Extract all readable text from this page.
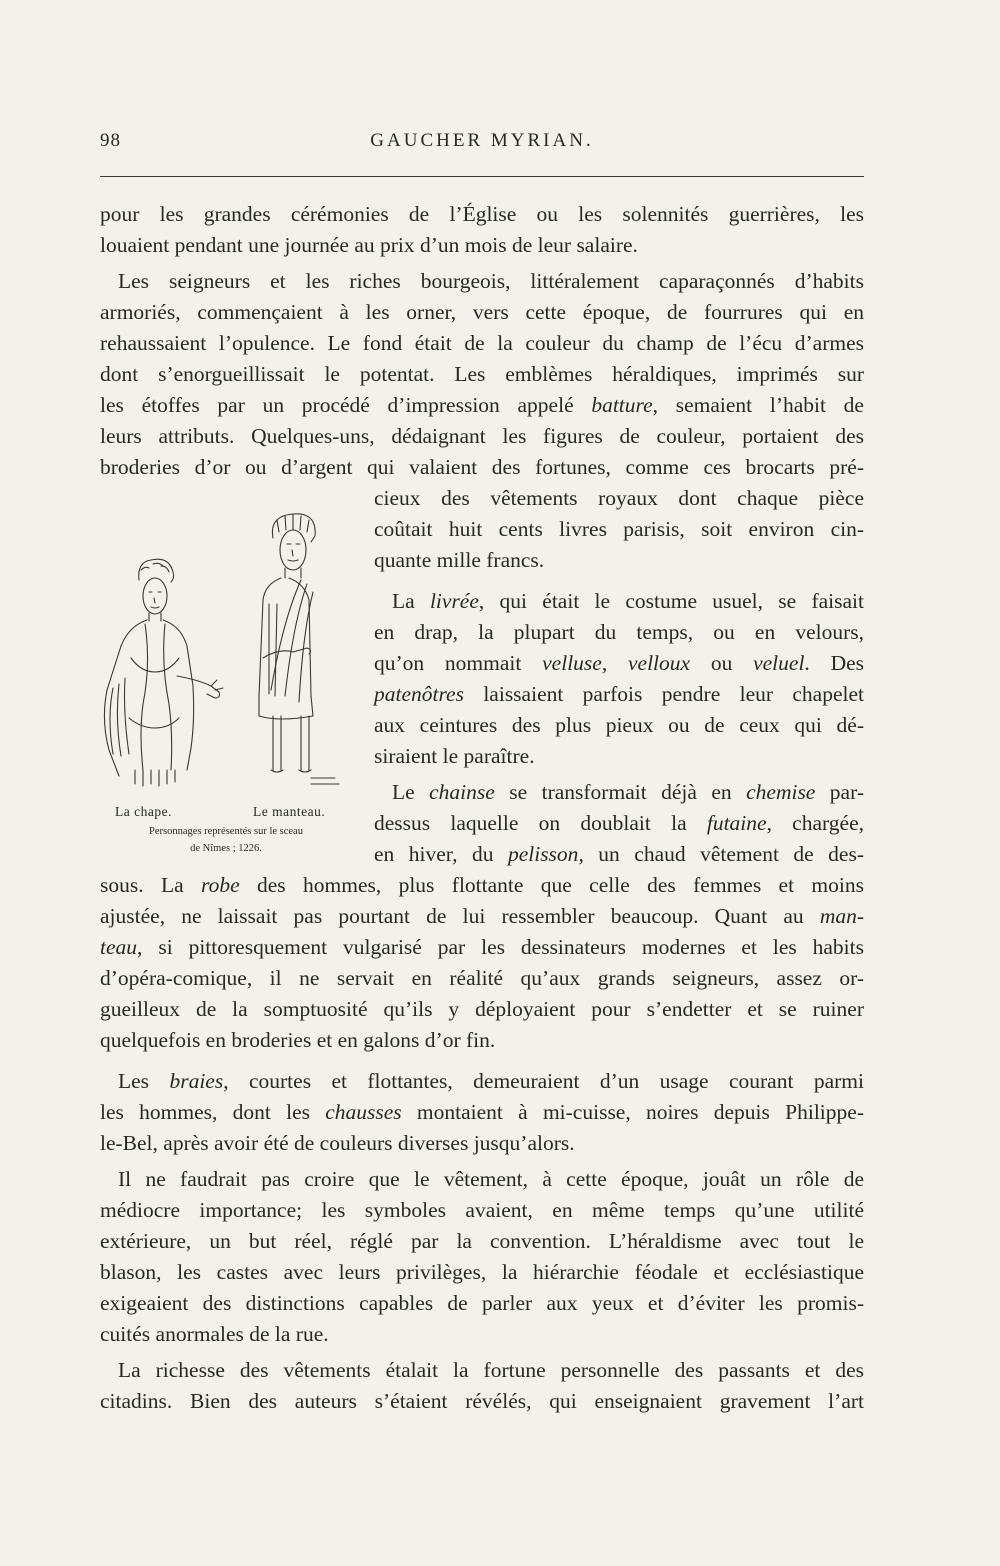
98	GAUCHER MYRIAN.
pour les grandes cérémonies de l’Église ou les solennités guerrières, les
louaient pendant une journée au prix d’un mois de leur salaire.
Les seigneurs et les riches bourgeois, littéralement caparaçonnés d’habits
armoriés, commençaient à les orner, vers cette époque, de fourrures qui en
rehaussaient l’opulence. Le fond était de la couleur du champ de l’écu d’armes
dont s’enorgueillissait le potentat. Les emblèmes héraldiques, imprimés sur
les étoffes par un procédé d’impression appelé batture, semaient l’habit de
leurs attributs. Quelques-uns, dédaignant les figures de couleur, portaient des
broderies d’or ou d’argent qui valaient des fortunes, comme ces brocarts pré-
cieux des vêtements royaux dont chaque pièce
coûtait huit cents livres parisis, soit environ cin-
quante mille francs.
La livrée, qui était le costume usuel, se faisait
en drap, la plupart du temps, ou en velours,
qu’on nommait velluse, velloux ou veluel. Des
patenôtres laissaient parfois pendre leur chapelet
aux ceintures des plus pieux ou de ceux qui dé-
siraient le paraître.
Le chainse se transformait déjà en chemise par-
dessus laquelle on doublait la futaine, chargée,
en hiver, du pelisson, un chaud vêtement de des-
sous. La robe des hommes, plus flottante que celle des femmes et moins
ajustée, ne laissait pas pourtant de lui ressembler beaucoup. Quant au man-
teau, si pittoresquement vulgarisé par les dessinateurs modernes et les habits
d’opéra-comique, il ne servait en réalité qu’aux grands seigneurs, assez or-
gueilleux de la somptuosité qu’ils y déployaient pour s’endetter et se ruiner
quelquefois en broderies et en galons d’or fin.
Les braies, courtes et flottantes, demeuraient d’un usage courant parmi
les hommes, dont les chausses montaient à mi-cuisse, noires depuis Philippe-
le-Bel, après avoir été de couleurs diverses jusqu’alors.
Il ne faudrait pas croire que le vêtement, à cette époque, jouât un rôle de
médiocre importance; les symboles avaient, en même temps qu’une utilité
extérieure, un but réel, réglé par la convention. L’héraldisme avec tout le
blason, les castes avec leurs privilèges, la hiérarchie féodale et ecclésiastique
exigeaient des distinctions capables de parler aux yeux et d’éviter les promis-
cuités anormales de la rue.
La richesse des vêtements étalait la fortune personnelle des passants et des
citadins. Bien des auteurs s’étaient révélés, qui enseignaient gravement l’art
La chape.	Le manteau.
Personnages représentés sur le sceau
de Nîmes ; 1226.
